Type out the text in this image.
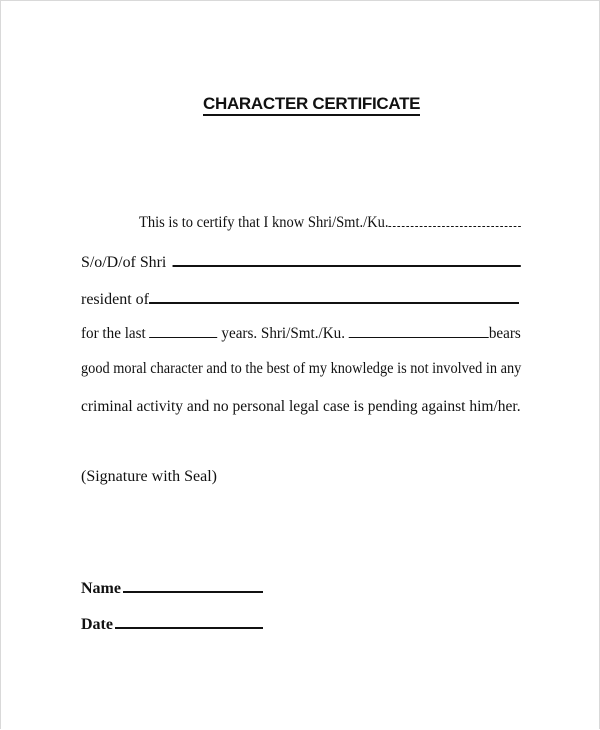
CHARACTER CERTIFICATE
This is to certify that I know Shri/Smt./Ku.
S/o/D/of Shri
resident of
for the last	years. Shri/Smt./Ku.	bears
good moral character and to the best of my knowledge is not involved in any
criminal activity and no personal legal case is pending against him/her.
(Signature with Seal)
Name
Date
